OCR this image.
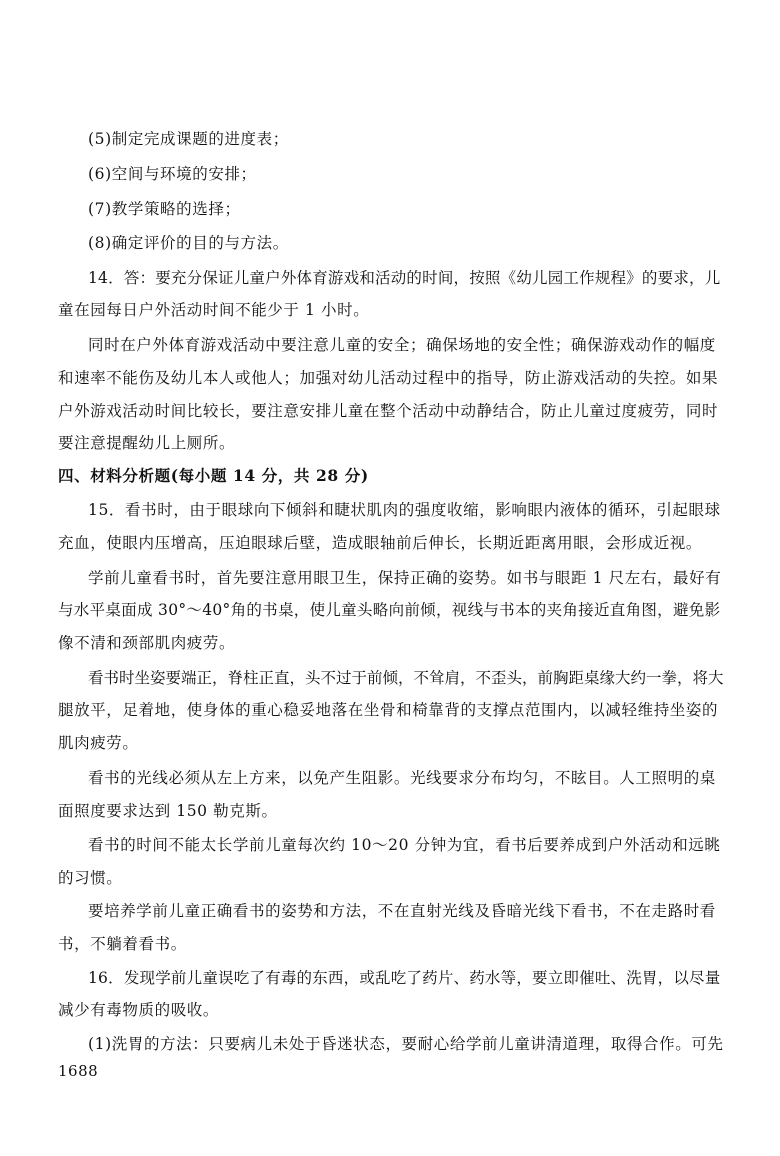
(5)制定完成课题的进度表；
(6)空间与环境的安排；
(7)教学策略的选择；
(8)确定评价的目的与方法。
14．答：要充分保证儿童户外体育游戏和活动的时间，按照《幼儿园工作规程》的要求，儿
童在园每日户外活动时间不能少于 1 小时。
同时在户外体育游戏活动中要注意儿童的安全；确保场地的安全性；确保游戏动作的幅度
和速率不能伤及幼儿本人或他人；加强对幼儿活动过程中的指导，防止游戏活动的失控。如果
户外游戏活动时间比较长，要注意安排儿童在整个活动中动静结合，防止儿童过度疲劳，同时
要注意提醒幼儿上厕所。
四、材料分析题(每小题 14 分，共 28 分)
15．看书时，由于眼球向下倾斜和睫状肌肉的强度收缩，影响眼内液体的循环，引起眼球
充血，使眼内压增高，压迫眼球后壁，造成眼轴前后伸长，长期近距离用眼，会形成近视。
学前儿童看书时，首先要注意用眼卫生，保持正确的姿势。如书与眼距 1 尺左右，最好有
与水平桌面成 30°～40°角的书桌，使儿童头略向前倾，视线与书本的夹角接近直角图，避免影
像不清和颈部肌肉疲劳。
看书时坐姿要端正，脊柱正直，头不过于前倾，不耸肩，不歪头，前胸距桌缘大约一拳，将大
腿放平，足着地，使身体的重心稳妥地落在坐骨和椅靠背的支撑点范围内，以减轻维持坐姿的
肌肉疲劳。
看书的光线必须从左上方来，以免产生阻影。光线要求分布均匀，不眩目。人工照明的桌
面照度要求达到 150 勒克斯。
看书的时间不能太长学前儿童每次约 10～20 分钟为宜，看书后要养成到户外活动和远眺
的习惯。
要培养学前儿童正确看书的姿势和方法，不在直射光线及昏暗光线下看书，不在走路时看
书，不躺着看书。
16．发现学前儿童误吃了有毒的东西，或乱吃了药片、药水等，要立即催吐、洗胃，以尽量
减少有毒物质的吸收。
(1)洗胃的方法：只要病儿未处于昏迷状态，要耐心给学前儿童讲清道理，取得合作。可先
1688
